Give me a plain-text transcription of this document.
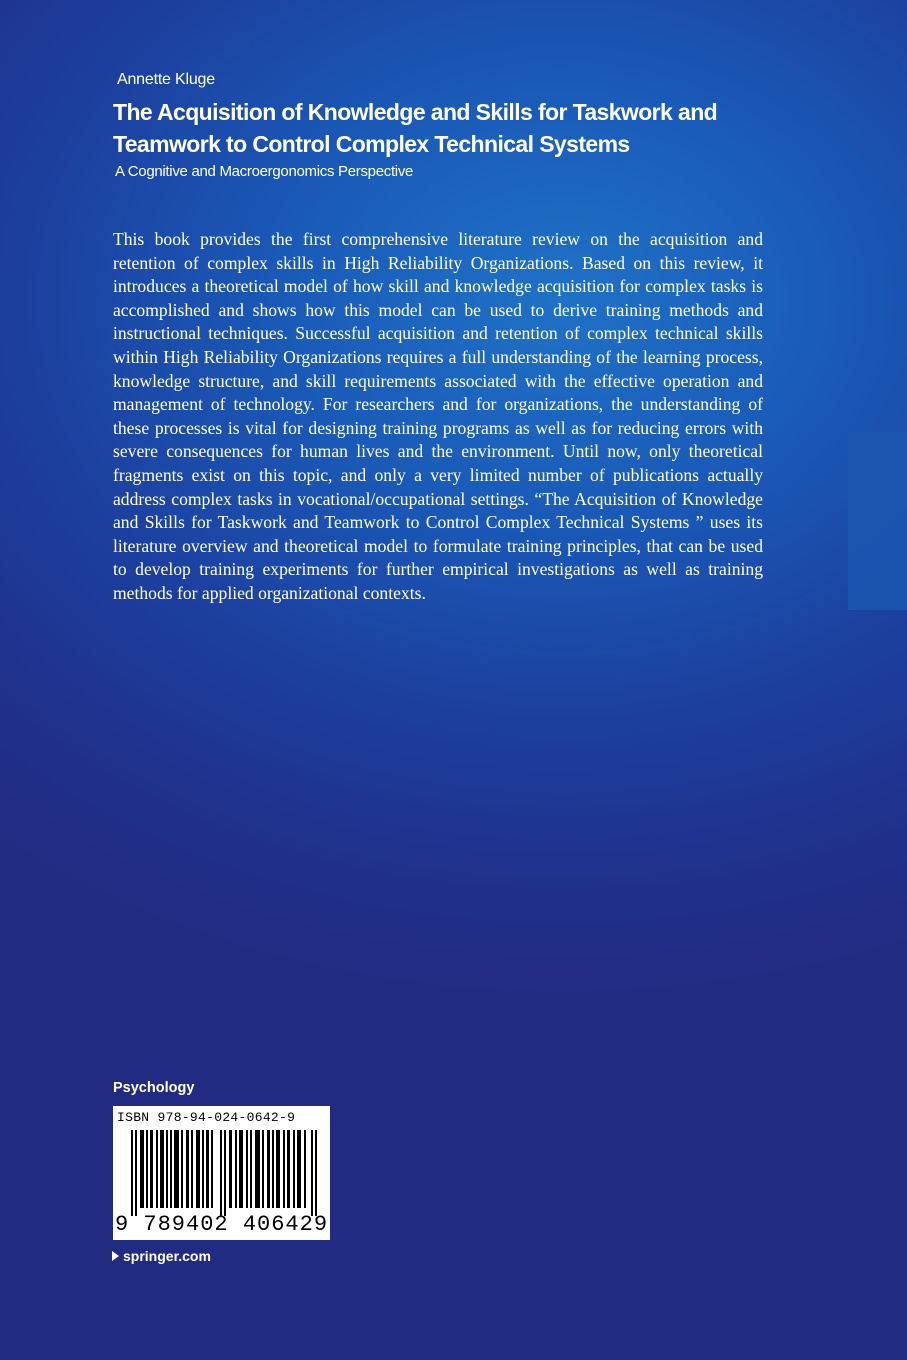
Annette Kluge
The Acquisition of Knowledge and Skills for Taskwork and Teamwork to Control Complex Technical Systems
A Cognitive and Macroergonomics Perspective

This book provides the first comprehensive literature review on the acquisition and retention of complex skills in High Reliability Organizations. Based on this review, it introduces a theoretical model of how skill and knowledge acquisition for complex tasks is accomplished and shows how this model can be used to derive training methods and instructional techniques. Successful acquisition and retention of complex technical skills within High Reliability Organizations requires a full understanding of the learning process, knowledge structure, and skill requirements associated with the effective operation and management of technology. For researchers and for organizations, the understanding of these processes is vital for designing training programs as well as for reducing errors with severe consequences for human lives and the environment. Until now, only theoretical fragments exist on this topic, and only a very limited number of publications actually address complex tasks in vocational/occupational settings. “The Acquisition of Knowledge and Skills for Taskwork and Teamwork to Control Complex Technical Systems ” uses its literature overview and theoretical model to formulate training principles, that can be used to develop training experiments for further empirical investigations as well as training methods for applied organizational contexts.

Psychology
ISBN 978-94-024-0642-9
9 789402 406429
springer.com
